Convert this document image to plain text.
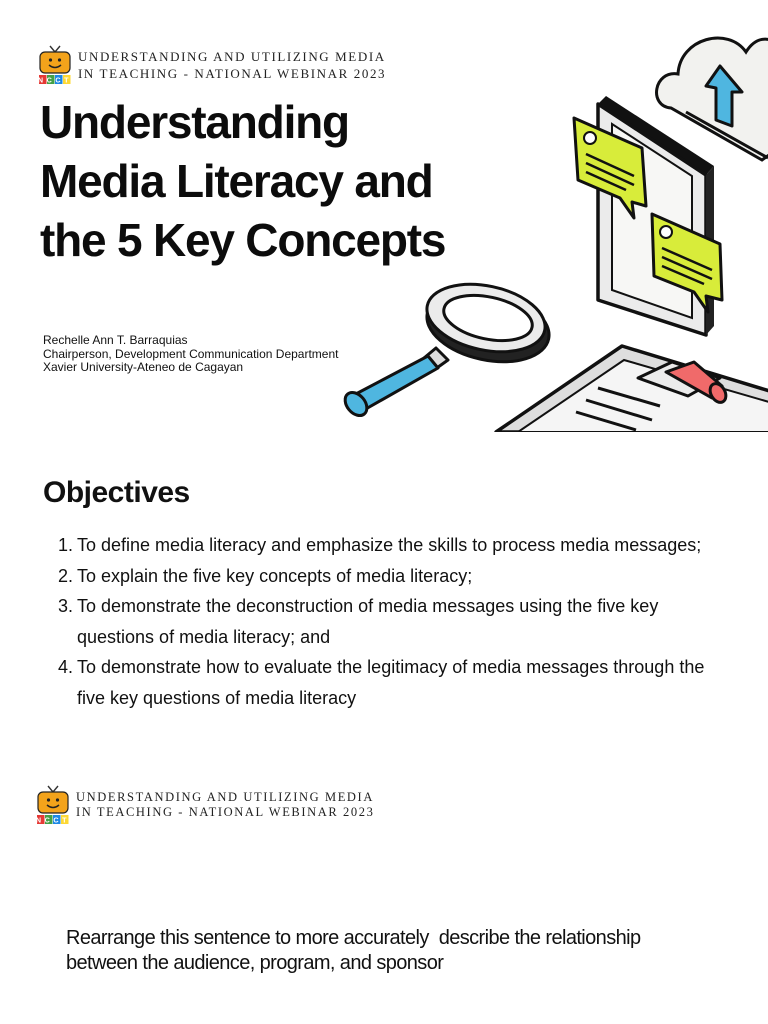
NCCT
UNDERSTANDING AND UTILIZING MEDIA
IN TEACHING - NATIONAL WEBINAR 2023
Understanding
Media Literacy and
the 5 Key Concepts
Rechelle Ann T. Barraquias
Chairperson, Development Communication Department
Xavier University-Ateneo de Cagayan
Objectives
1. To define media literacy and emphasize the skills to process media messages;
2. To explain the five key concepts of media literacy;
3. To demonstrate the deconstruction of media messages using the five key questions of media literacy; and
4. To demonstrate how to evaluate the legitimacy of media messages through the five key questions of media literacy
NCCT
UNDERSTANDING AND UTILIZING MEDIA
IN TEACHING - NATIONAL WEBINAR 2023
Rearrange this sentence to more accurately  describe the relationship
between the audience, program, and sponsor
